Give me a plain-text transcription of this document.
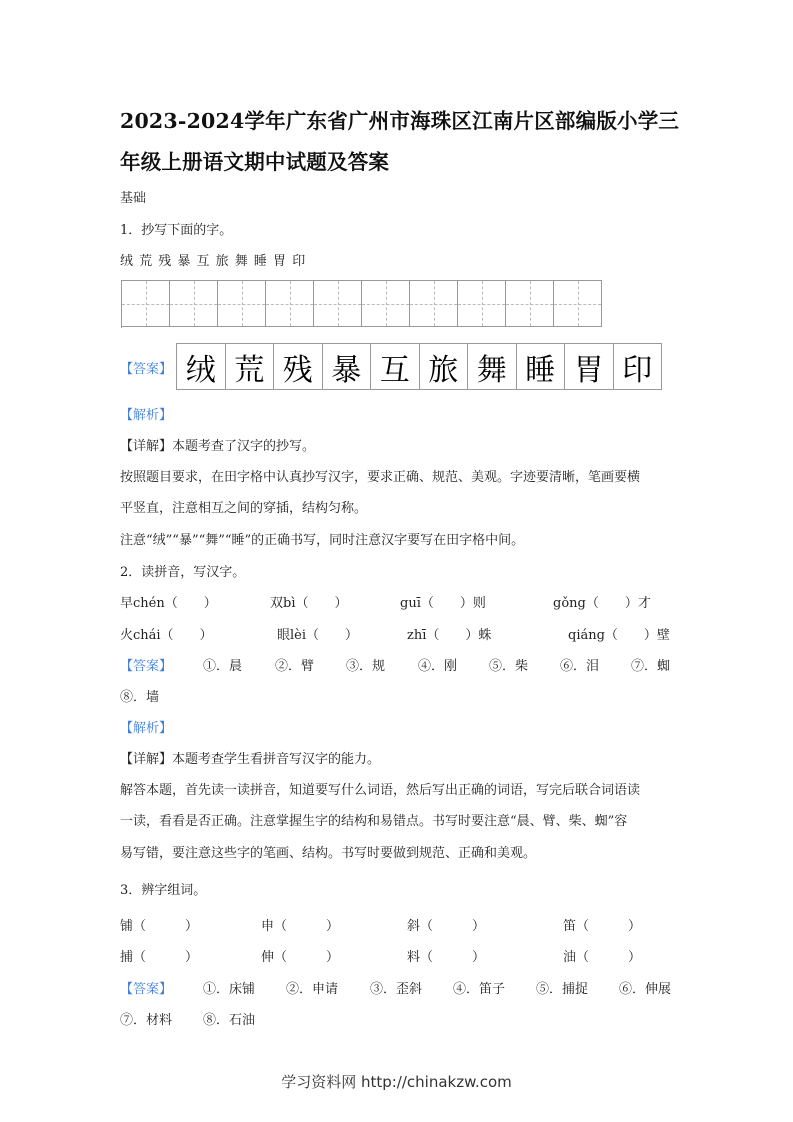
2023-2024学年广东省广州市海珠区江南片区部编版小学三
年级上册语文期中试题及答案
基础
1．抄写下面的字。
绒 荒 残 暴 互 旅 舞 睡 胃 印
【答案】 绒 荒 残 暴 互 旅 舞 睡 胃 印
【解析】
【详解】本题考查了汉字的抄写。
按照题目要求，在田字格中认真抄写汉字，要求正确、规范、美观。字迹要清晰，笔画要横
平竖直，注意相互之间的穿插，结构匀称。
注意“绒”“暴”“舞”“睡”的正确书写，同时注意汉字要写在田字格中间。
2．读拼音，写汉字。
早chén（　　）	双bì（　　）	guī（　　）则	gǒng（　　）才
火chái（　　）	眼lèi（　　）	zhī（　　）蛛	qiáng（　　）壁
【答案】 ①．晨	②．臂 ③．规	④．刚 ⑤．柴 ⑥．泪 ⑦．蜘
⑧．墙
【解析】
【详解】本题考查学生看拼音写汉字的能力。
解答本题，首先读一读拼音，知道要写什么词语，然后写出正确的词语，写完后联合词语读
一读，看看是否正确。注意掌握生字的结构和易错点。书写时要注意“晨、臂、柴、蜘”容
易写错，要注意这些字的笔画、结构。书写时要做到规范、正确和美观。
3．辨字组词。
铺（　　　）	申（　　　）	斜（　　　）	笛（　　　）
捕（　　　）	伸（　　　）	料（　　　）	油（　　　）
【答案】 ①．床铺 ②．申请 ③．歪斜 ④．笛子 ⑤．捕捉 ⑥．伸展
⑦．材料 ⑧．石油
学习资料网 http://chinakzw.com
